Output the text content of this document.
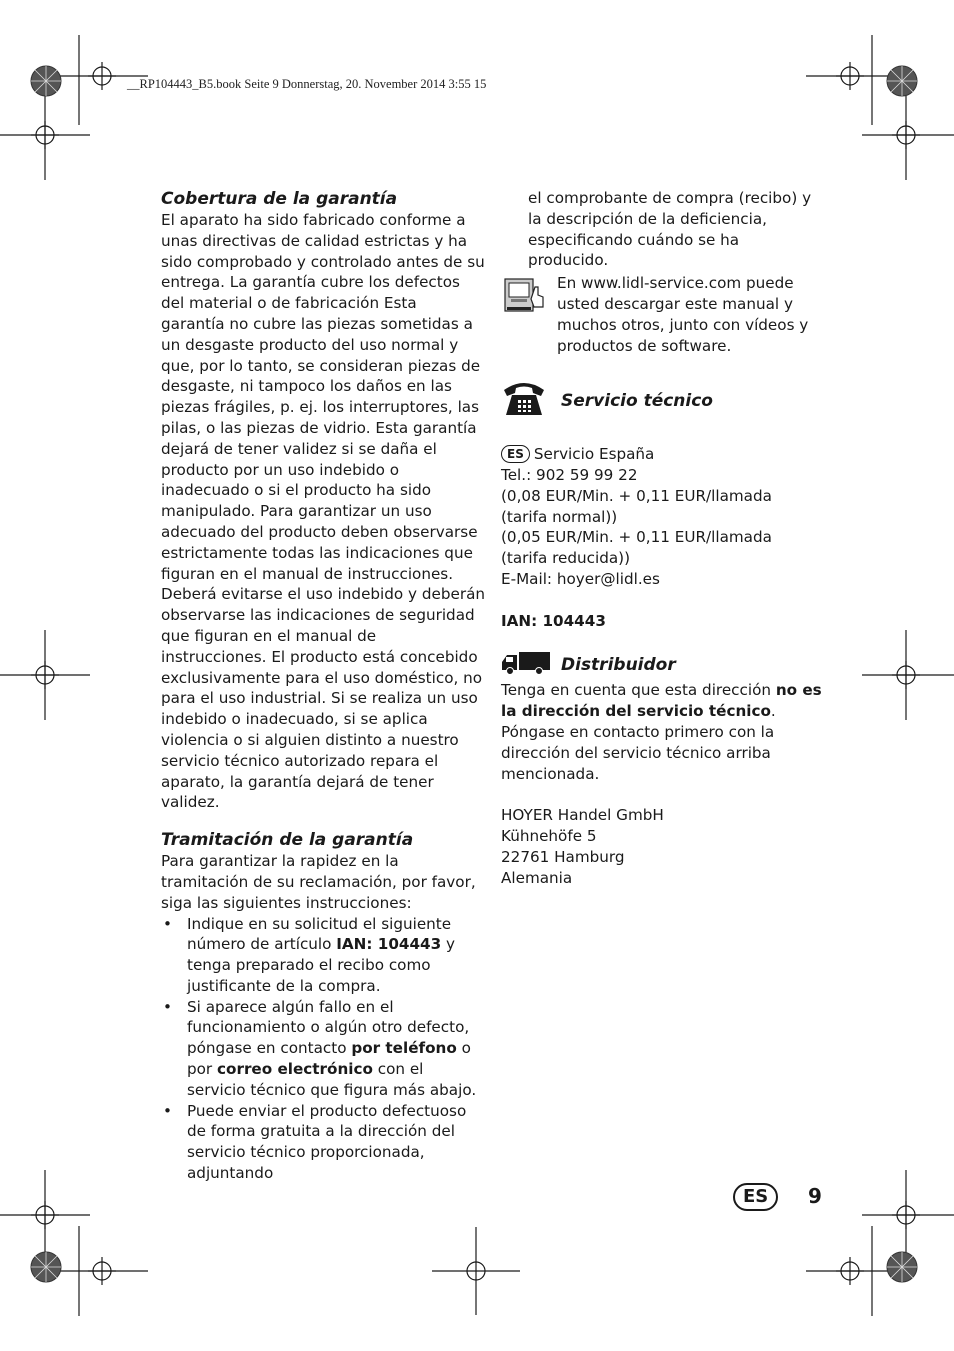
__RP104443_B5.book Seite 9 Donnerstag, 20. November 2014 3:55 15
Cobertura de la garantía

El aparato ha sido fabricado conforme a unas directivas de calidad estrictas y ha sido comprobado y controlado antes de su entrega. La garantía cubre los defectos del material o de fabricación Esta garantía no cubre las piezas sometidas a un desgaste producto del uso normal y que, por lo tanto, se consideran piezas de desgaste, ni tampoco los daños en las piezas frágiles, p. ej. los interruptores, las pilas, o las piezas de vidrio. Esta garantía dejará de tener validez si se daña el producto por un uso indebido o inadecuado o si el producto ha sido manipulado. Para garantizar un uso adecuado del producto deben observarse estrictamente todas las indicaciones que figuran en el manual de instrucciones. Deberá evitarse el uso indebido y deberán observarse las indicaciones de seguridad que figuran en el manual de instrucciones. El producto está concebido exclusivamente para el uso doméstico, no para el uso industrial. Si se realiza un uso indebido o inadecuado, si se aplica violencia o si alguien distinto a nuestro servicio técnico autorizado repara el aparato, la garantía dejará de tener validez.

Tramitación de la garantía

Para garantizar la rapidez en la tramitación de su reclamación, por favor, siga las siguientes instrucciones:

• Indique en su solicitud el siguiente número de artículo IAN: 104443 y tenga preparado el recibo como justificante de la compra.
• Si aparece algún fallo en el funcionamiento o algún otro defecto, póngase en contacto por teléfono o por correo electrónico con el servicio técnico que figura más abajo.
• Puede enviar el producto defectuoso de forma gratuita a la dirección del servicio técnico proporcionada, adjuntando

el comprobante de compra (recibo) y la descripción de la deficiencia, especificando cuándo se ha producido.

En www.lidl-service.com puede usted descargar este manual y muchos otros, junto con vídeos y productos de software.

Servicio técnico

ES Servicio España

Tel.: 902 59 99 22

(0,08 EUR/Min. + 0,11 EUR/llamada

(tarifa normal))

(0,05 EUR/Min. + 0,11 EUR/llamada

(tarifa reducida))

E-Mail: hoyer@lidl.es

IAN: 104443

Distribuidor

Tenga en cuenta que esta dirección no es la dirección del servicio técnico. Póngase en contacto primero con la dirección del servicio técnico arriba mencionada.

HOYER Handel GmbH

Kühnehöfe 5

22761 Hamburg

Alemania

ES	9
